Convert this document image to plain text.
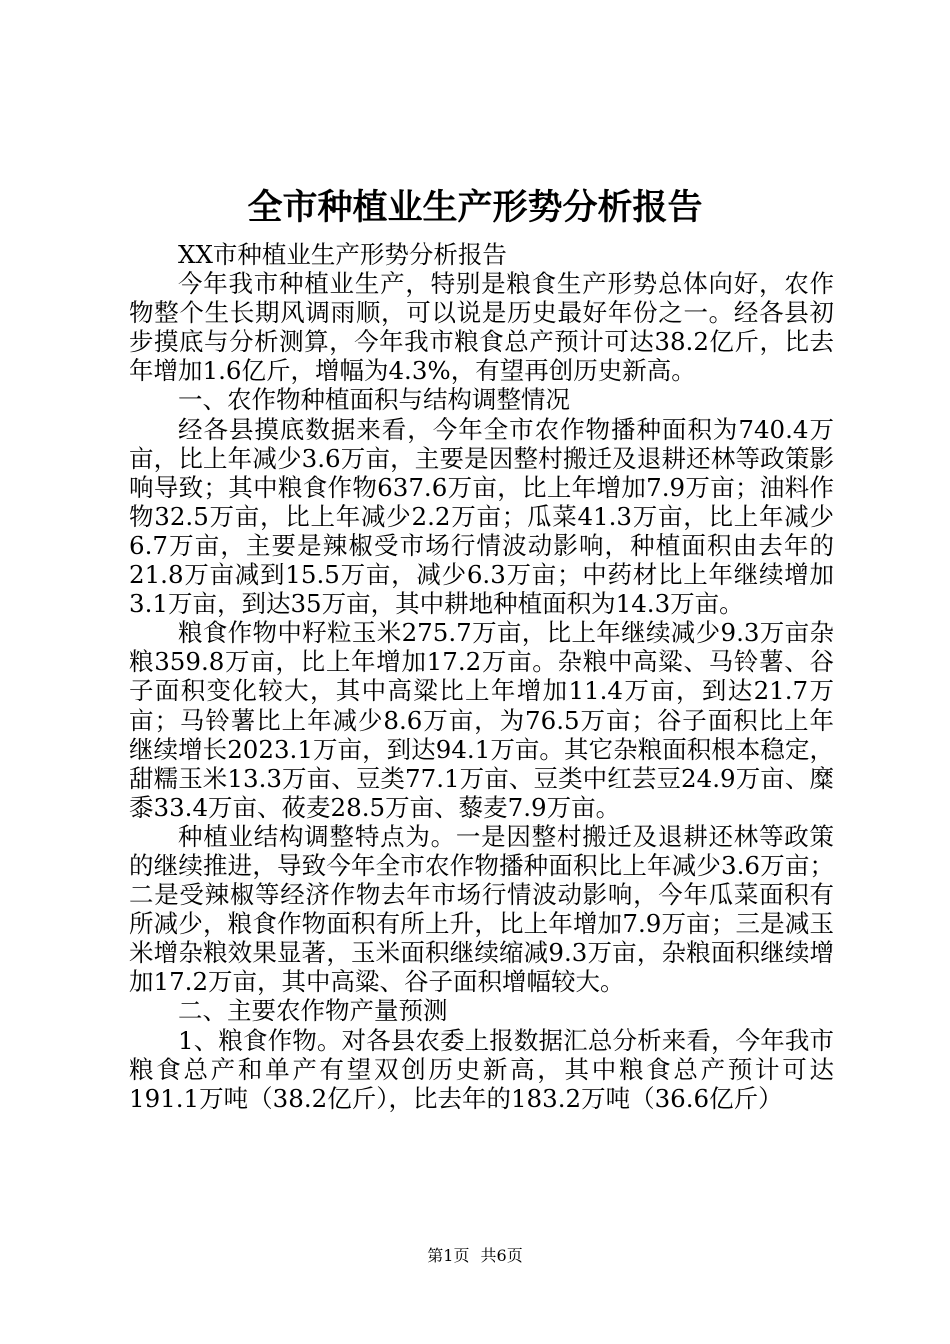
全市种植业生产形势分析报告

XX市种植业生产形势分析报告

今年我市种植业生产，特别是粮食生产形势总体向好，农作物整个生长期风调雨顺，可以说是历史最好年份之一。经各县初步摸底与分析测算，今年我市粮食总产预计可达38.2亿斤，比去年增加1.6亿斤，增幅为4.3%，有望再创历史新高。

一、农作物种植面积与结构调整情况

经各县摸底数据来看，今年全市农作物播种面积为740.4万亩，比上年减少3.6万亩，主要是因整村搬迁及退耕还林等政策影响导致；其中粮食作物637.6万亩，比上年增加7.9万亩；油料作物32.5万亩，比上年减少2.2万亩；瓜菜41.3万亩，比上年减少6.7万亩，主要是辣椒受市场行情波动影响，种植面积由去年的21.8万亩减到15.5万亩，减少6.3万亩；中药材比上年继续增加3.1万亩，到达35万亩，其中耕地种植面积为14.3万亩。

粮食作物中籽粒玉米275.7万亩，比上年继续减少9.3万亩杂粮359.8万亩，比上年增加17.2万亩。杂粮中高粱、马铃薯、谷子面积变化较大，其中高粱比上年增加11.4万亩，到达21.7万亩；马铃薯比上年减少8.6万亩，为76.5万亩；谷子面积比上年继续增长2023.1万亩，到达94.1万亩。其它杂粮面积根本稳定，甜糯玉米13.3万亩、豆类77.1万亩、豆类中红芸豆24.9万亩、糜黍33.4万亩、莜麦28.5万亩、藜麦7.9万亩。

种植业结构调整特点为。一是因整村搬迁及退耕还林等政策的继续推进，导致今年全市农作物播种面积比上年减少3.6万亩；二是受辣椒等经济作物去年市场行情波动影响，今年瓜菜面积有所减少，粮食作物面积有所上升，比上年增加7.9万亩；三是减玉米增杂粮效果显著，玉米面积继续缩减9.3万亩，杂粮面积继续增加17.2万亩，其中高粱、谷子面积增幅较大。

二、主要农作物产量预测

1、粮食作物。对各县农委上报数据汇总分析来看，今年我市粮食总产和单产有望双创历史新高，其中粮食总产预计可达191.1万吨（38.2亿斤），比去年的183.2万吨（36.6亿斤）

第1页 共6页
